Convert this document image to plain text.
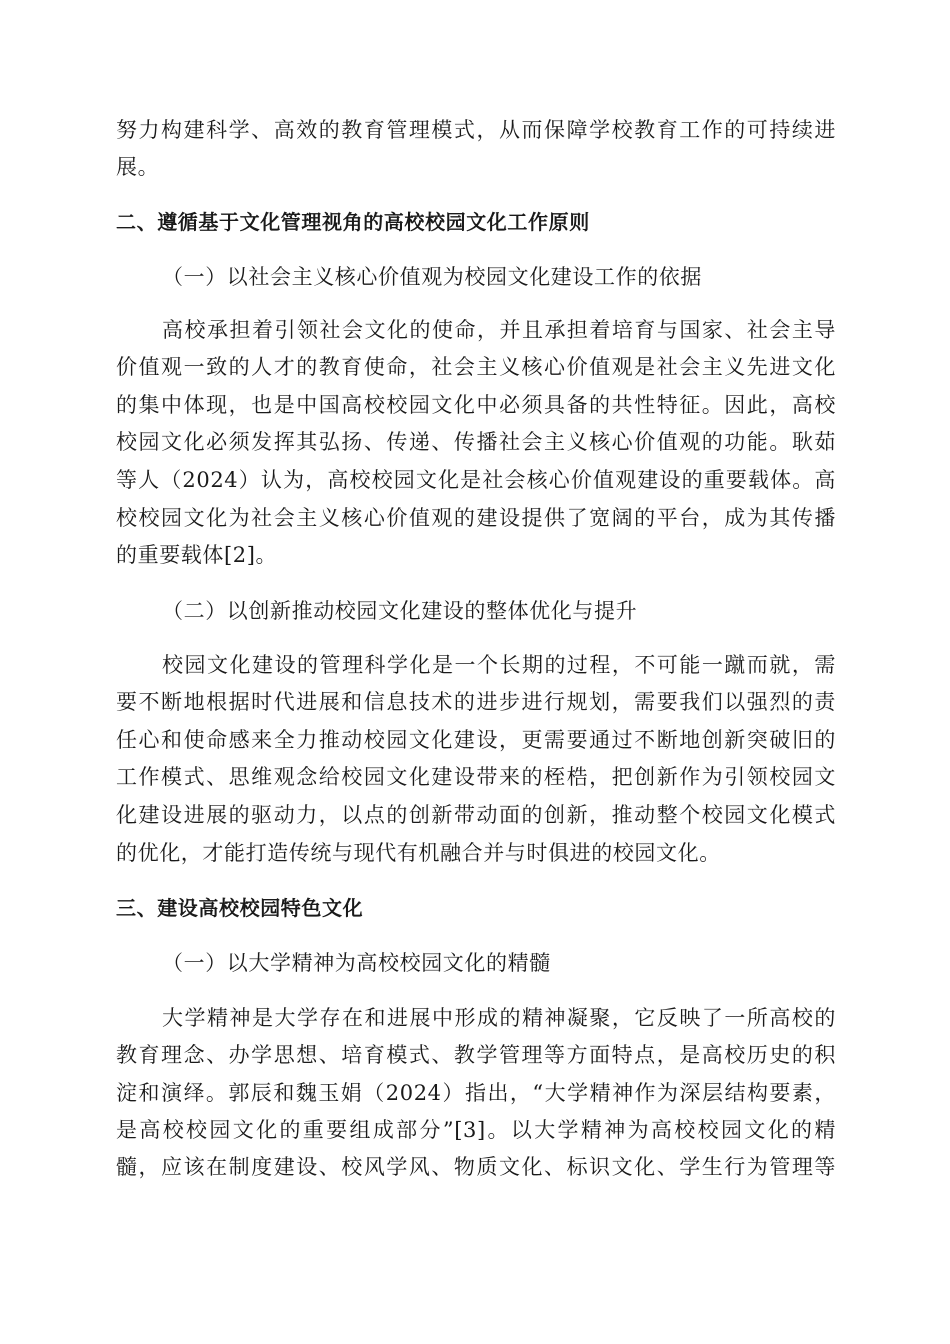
努力构建科学、高效的教育管理模式，从而保障学校教育工作的可持续进
展。
二、遵循基于文化管理视角的高校校园文化工作原则
（一）以社会主义核心价值观为校园文化建设工作的依据
高校承担着引领社会文化的使命，并且承担着培育与国家、社会主导
价值观一致的人才的教育使命，社会主义核心价值观是社会主义先进文化
的集中体现，也是中国高校校园文化中必须具备的共性特征。因此，高校
校园文化必须发挥其弘扬、传递、传播社会主义核心价值观的功能。耿茹
等人（2024）认为，高校校园文化是社会核心价值观建设的重要载体。高
校校园文化为社会主义核心价值观的建设提供了宽阔的平台，成为其传播
的重要载体[2]。
（二）以创新推动校园文化建设的整体优化与提升
校园文化建设的管理科学化是一个长期的过程，不可能一蹴而就，需
要不断地根据时代进展和信息技术的进步进行规划，需要我们以强烈的责
任心和使命感来全力推动校园文化建设，更需要通过不断地创新突破旧的
工作模式、思维观念给校园文化建设带来的桎梏，把创新作为引领校园文
化建设进展的驱动力，以点的创新带动面的创新，推动整个校园文化模式
的优化，才能打造传统与现代有机融合并与时俱进的校园文化。
三、建设高校校园特色文化
（一）以大学精神为高校校园文化的精髓
大学精神是大学存在和进展中形成的精神凝聚，它反映了一所高校的
教育理念、办学思想、培育模式、教学管理等方面特点，是高校历史的积
淀和演绎。郭辰和魏玉娟（2024）指出，“大学精神作为深层结构要素，
是高校校园文化的重要组成部分”[3]。以大学精神为高校校园文化的精
髓，应该在制度建设、校风学风、物质文化、标识文化、学生行为管理等
